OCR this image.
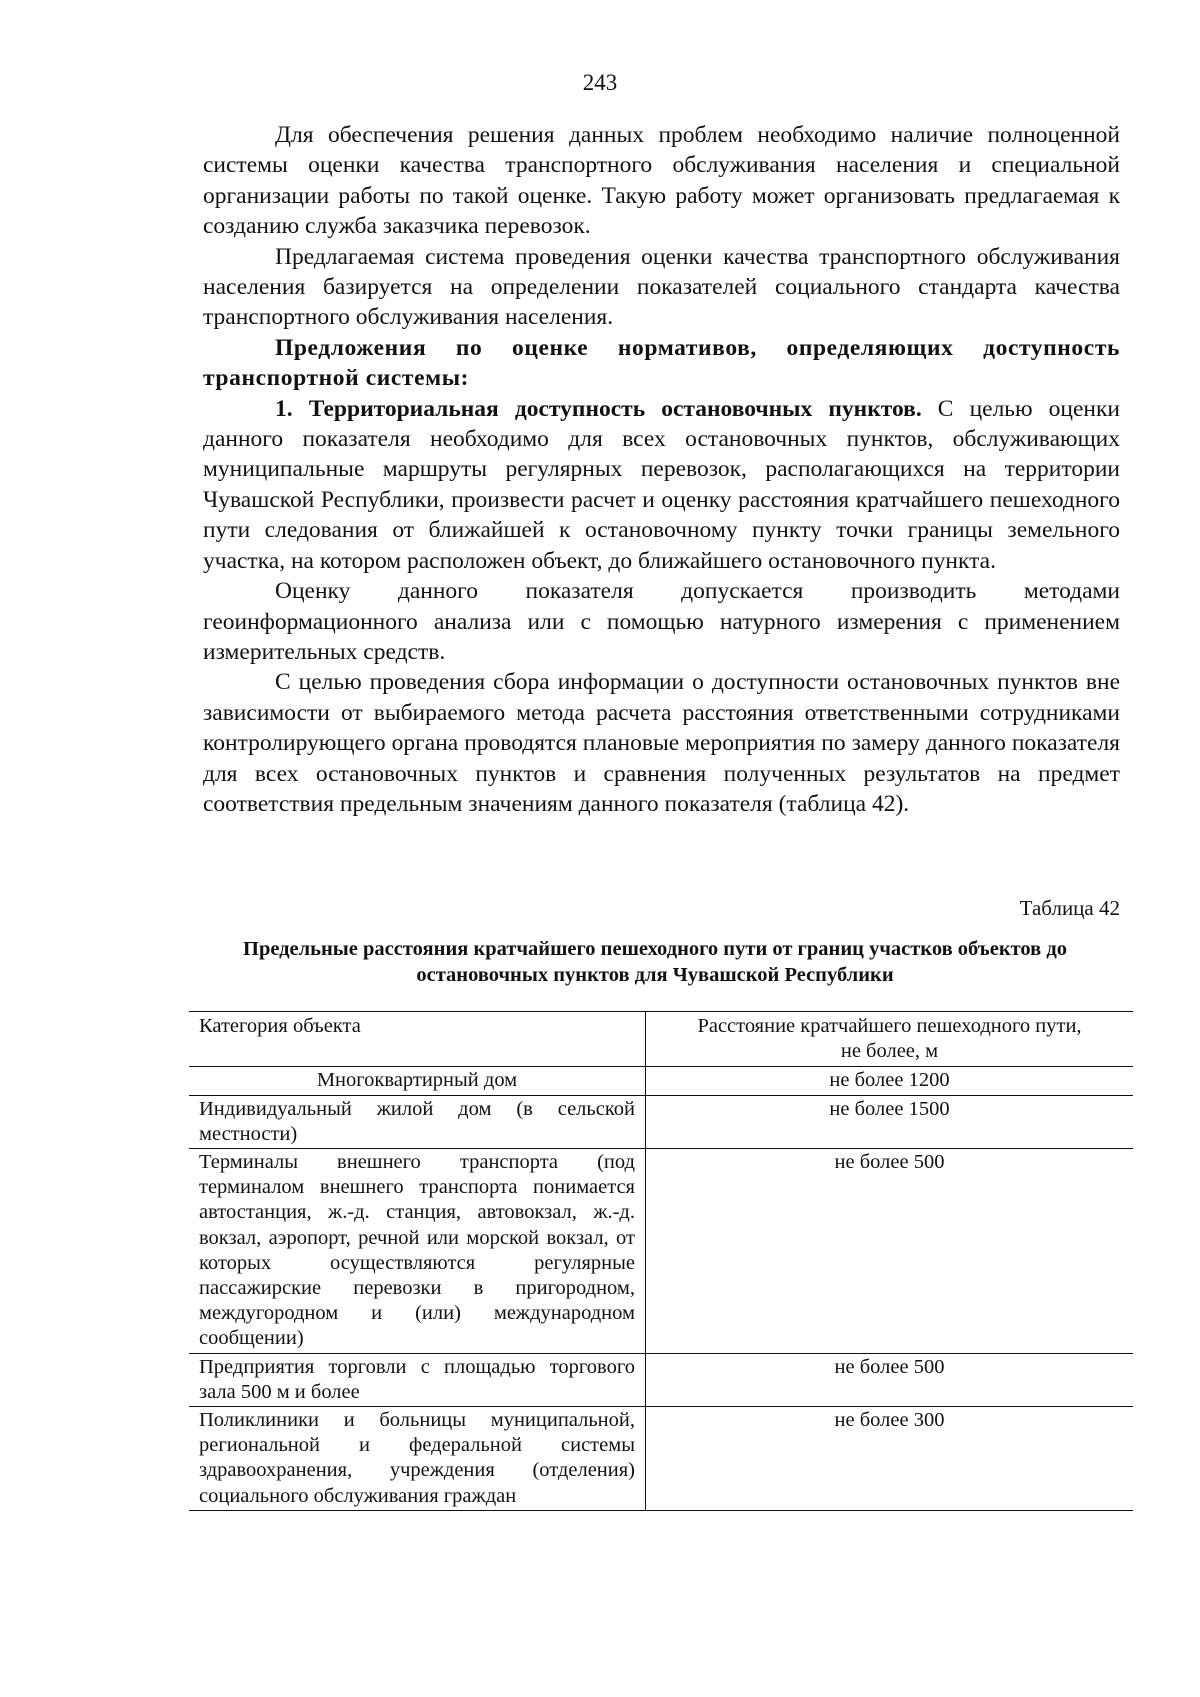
243

Для обеспечения решения данных проблем необходимо наличие полноценной системы оценки качества транспортного обслуживания населения и специальной организации работы по такой оценке. Такую работу может организовать предлагаемая к созданию служба заказчика перевозок.

Предлагаемая система проведения оценки качества транспортного обслуживания населения базируется на определении показателей социального стандарта качества транспортного обслуживания населения.

Предложения по оценке нормативов, определяющих доступность транспортной системы:

1. Территориальная доступность остановочных пунктов. С целью оценки данного показателя необходимо для всех остановочных пунктов, обслуживающих муниципальные маршруты регулярных перевозок, располагающихся на территории Чувашской Республики, произвести расчет и оценку расстояния кратчайшего пешеходного пути следования от ближайшей к остановочному пункту точки границы земельного участка, на котором расположен объект, до ближайшего остановочного пункта.

Оценку данного показателя допускается производить методами геоинформационного анализа или с помощью натурного измерения с применением измерительных средств.

С целью проведения сбора информации о доступности остановочных пунктов вне зависимости от выбираемого метода расчета расстояния ответственными сотрудниками контролирующего органа проводятся плановые мероприятия по замеру данного показателя для всех остановочных пунктов и сравнения полученных результатов на предмет соответствия предельным значениям данного показателя (таблица 42).

Таблица 42
Предельные расстояния кратчайшего пешеходного пути от границ участков объектов до
остановочных пунктов для Чувашской Республики
Категория объекта	Расстояние кратчайшего пешеходного пути,
не более, м

Многоквартирный дом	не более 1200
Индивидуальный жилой дом (в сельской местности)	не более 1500
Терминалы внешнего транспорта (под терминалом внешнего транспорта понимается автостанция, ж.-д. станция, автовокзал, ж.-д. вокзал, аэропорт, речной или морской вокзал, от которых осуществляются регулярные пассажирские перевозки в пригородном, междугородном и (или) международном сообщении)	не более 500
Предприятия торговли с площадью торгового зала 500 м и более	не более 500
Поликлиники и больницы муниципальной, региональной и федеральной системы здравоохранения, учреждения (отделения) социального обслуживания граждан	не более 300
